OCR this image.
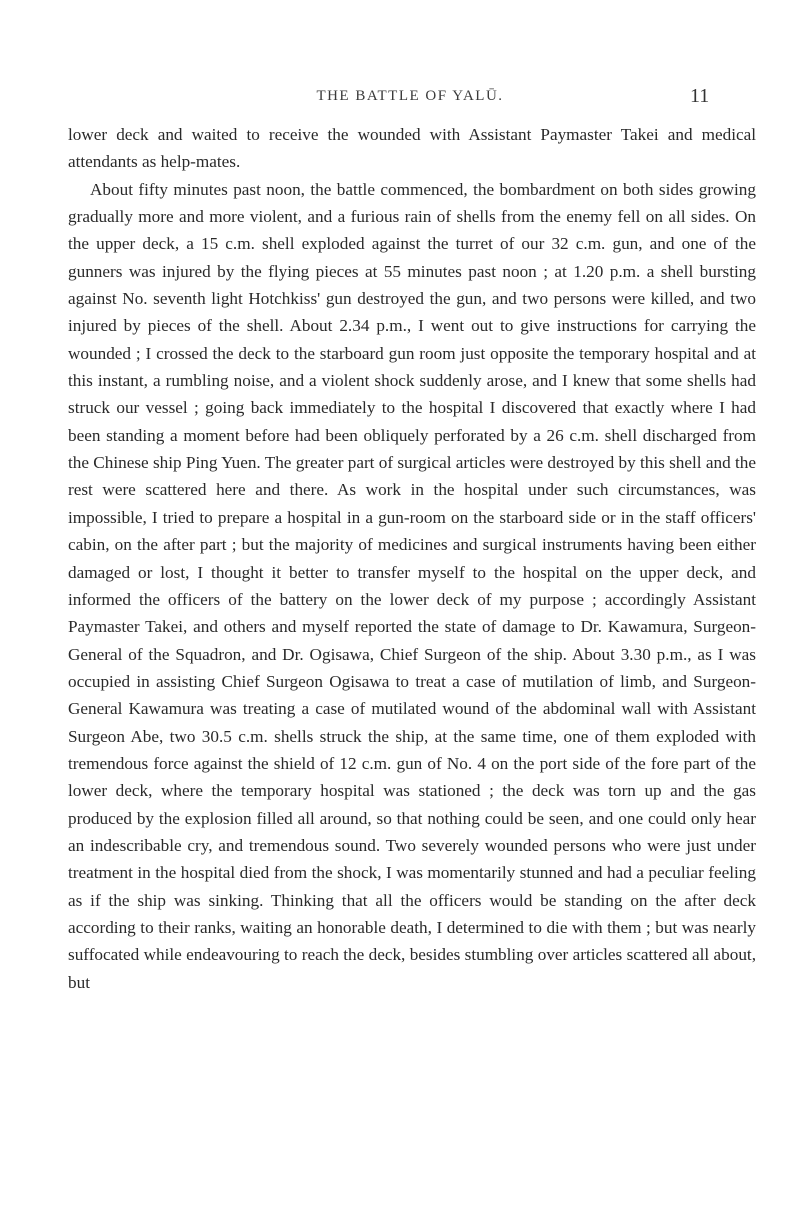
THE BATTLE OF YALŪ.	11

lower deck and waited to receive the wounded with Assistant Paymaster Takei and medical attendants as help-mates.

About fifty minutes past noon, the battle commenced, the bombardment on both sides growing gradually more and more violent, and a furious rain of shells from the enemy fell on all sides. On the upper deck, a 15 c.m. shell exploded against the turret of our 32 c.m. gun, and one of the gunners was injured by the flying pieces at 55 minutes past noon ; at 1.20 p.m. a shell bursting against No. seventh light Hotchkiss' gun destroyed the gun, and two persons were killed, and two injured by pieces of the shell. About 2.34 p.m., I went out to give instructions for carrying the wounded ; I crossed the deck to the starboard gun room just opposite the temporary hospital and at this instant, a rumbling noise, and a violent shock suddenly arose, and I knew that some shells had struck our vessel ; going back immediately to the hospital I discovered that exactly where I had been standing a moment before had been obliquely perforated by a 26 c.m. shell discharged from the Chinese ship Ping Yuen. The greater part of surgical articles were destroyed by this shell and the rest were scattered here and there. As work in the hospital under such circumstances, was impossible, I tried to prepare a hospital in a gun-room on the starboard side or in the staff officers' cabin, on the after part ; but the majority of medicines and surgical instruments having been either damaged or lost, I thought it better to transfer myself to the hospital on the upper deck, and informed the officers of the battery on the lower deck of my purpose ; accordingly Assistant Paymaster Takei, and others and myself reported the state of damage to Dr. Kawamura, Surgeon-General of the Squadron, and Dr. Ogisawa, Chief Surgeon of the ship. About 3.30 p.m., as I was occupied in assisting Chief Surgeon Ogisawa to treat a case of mutilation of limb, and Surgeon-General Kawamura was treating a case of mutilated wound of the abdominal wall with Assistant Surgeon Abe, two 30.5 c.m. shells struck the ship, at the same time, one of them exploded with tremendous force against the shield of 12 c.m. gun of No. 4 on the port side of the fore part of the lower deck, where the temporary hospital was stationed ; the deck was torn up and the gas produced by the explosion filled all around, so that nothing could be seen, and one could only hear an indescribable cry, and tremendous sound. Two severely wounded persons who were just under treatment in the hospital died from the shock, I was momentarily stunned and had a peculiar feeling as if the ship was sinking. Thinking that all the officers would be standing on the after deck according to their ranks, waiting an honorable death, I determined to die with them ; but was nearly suffocated while endeavouring to reach the deck, besides stumbling over articles scattered all about, but
